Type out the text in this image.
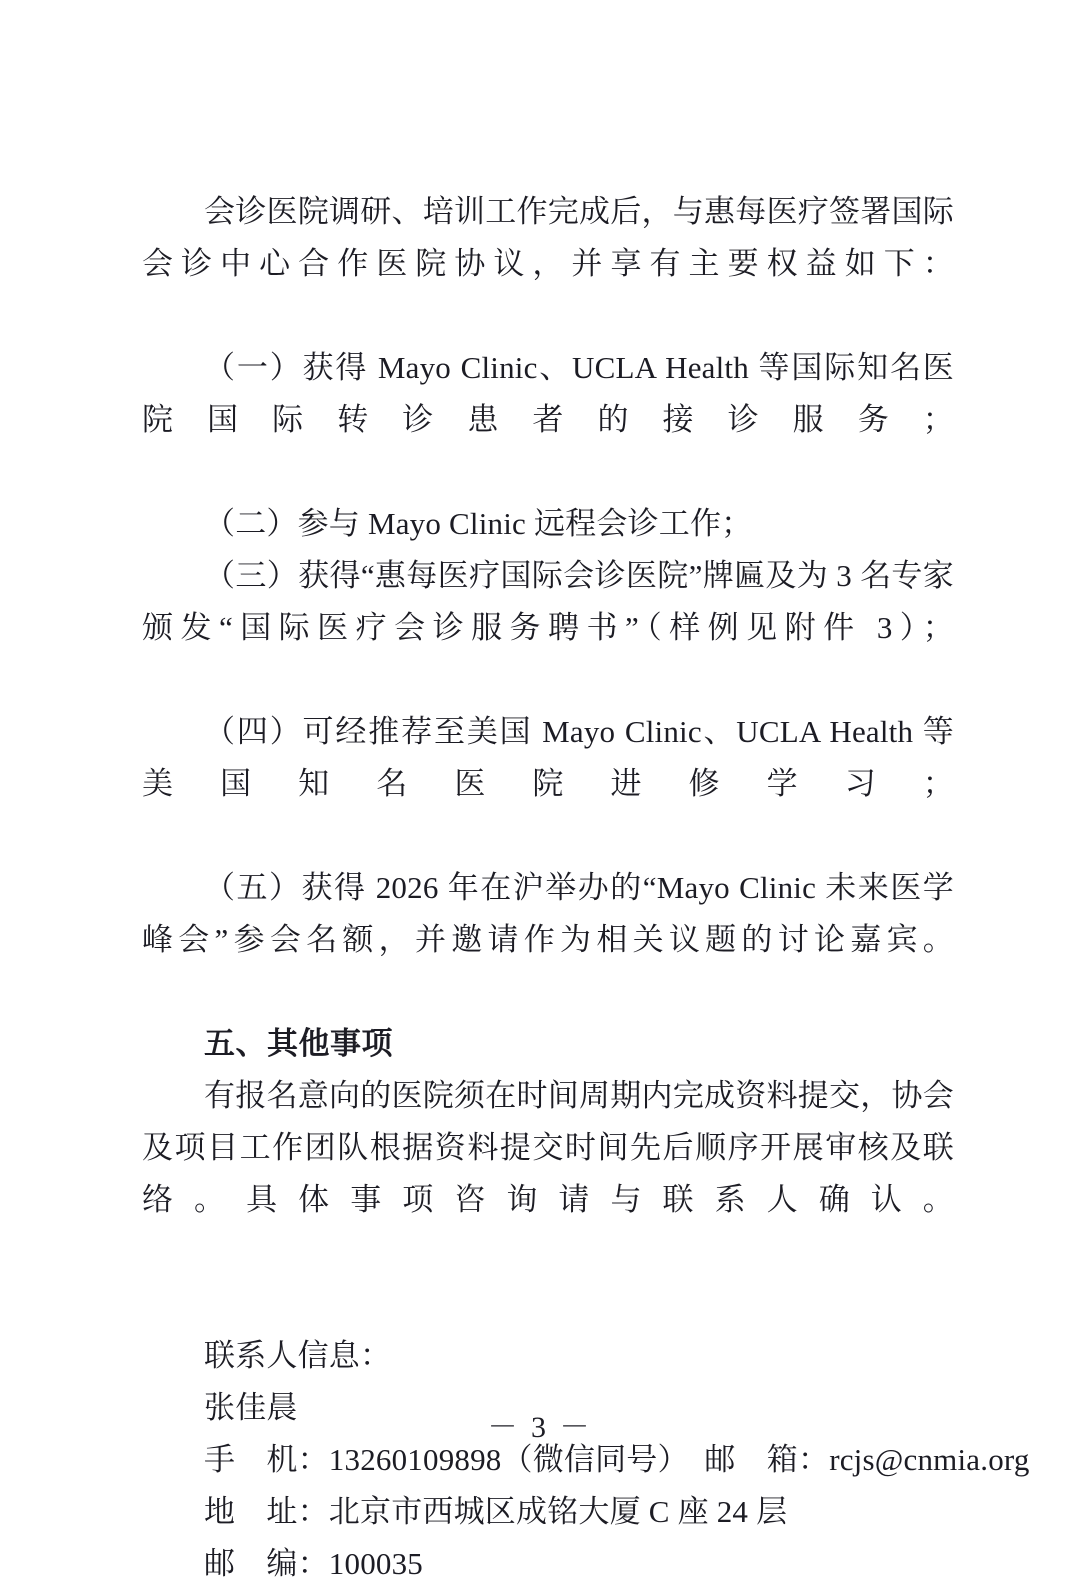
会诊医院调研、培训工作完成后，与惠每医疗签署国际会诊中心合作医院协议，并享有主要权益如下：

（一）获得 Mayo Clinic、UCLA Health 等国际知名医院国际转诊患者的接诊服务；

（二）参与 Mayo Clinic 远程会诊工作；

（三）获得“惠每医疗国际会诊医院”牌匾及为 3 名专家颁发“国际医疗会诊服务聘书”（样例见附件 3）；

（四）可经推荐至美国 Mayo Clinic、UCLA Health 等美国知名医院进修学习；

（五）获得 2026 年在沪举办的“Mayo Clinic 未来医学峰会”参会名额，并邀请作为相关议题的讨论嘉宾。

五、其他事项

有报名意向的医院须在时间周期内完成资料提交，协会及项目工作团队根据资料提交时间先后顺序开展审核及联络。具体事项咨询请与联系人确认。

联系人信息：

张佳晨

手　机：13260109898（微信同号）　邮　箱：rcjs@cnmia.org

地　址：北京市西城区成铭大厦 C 座 24 层

邮　编：100035

－ 3 －
